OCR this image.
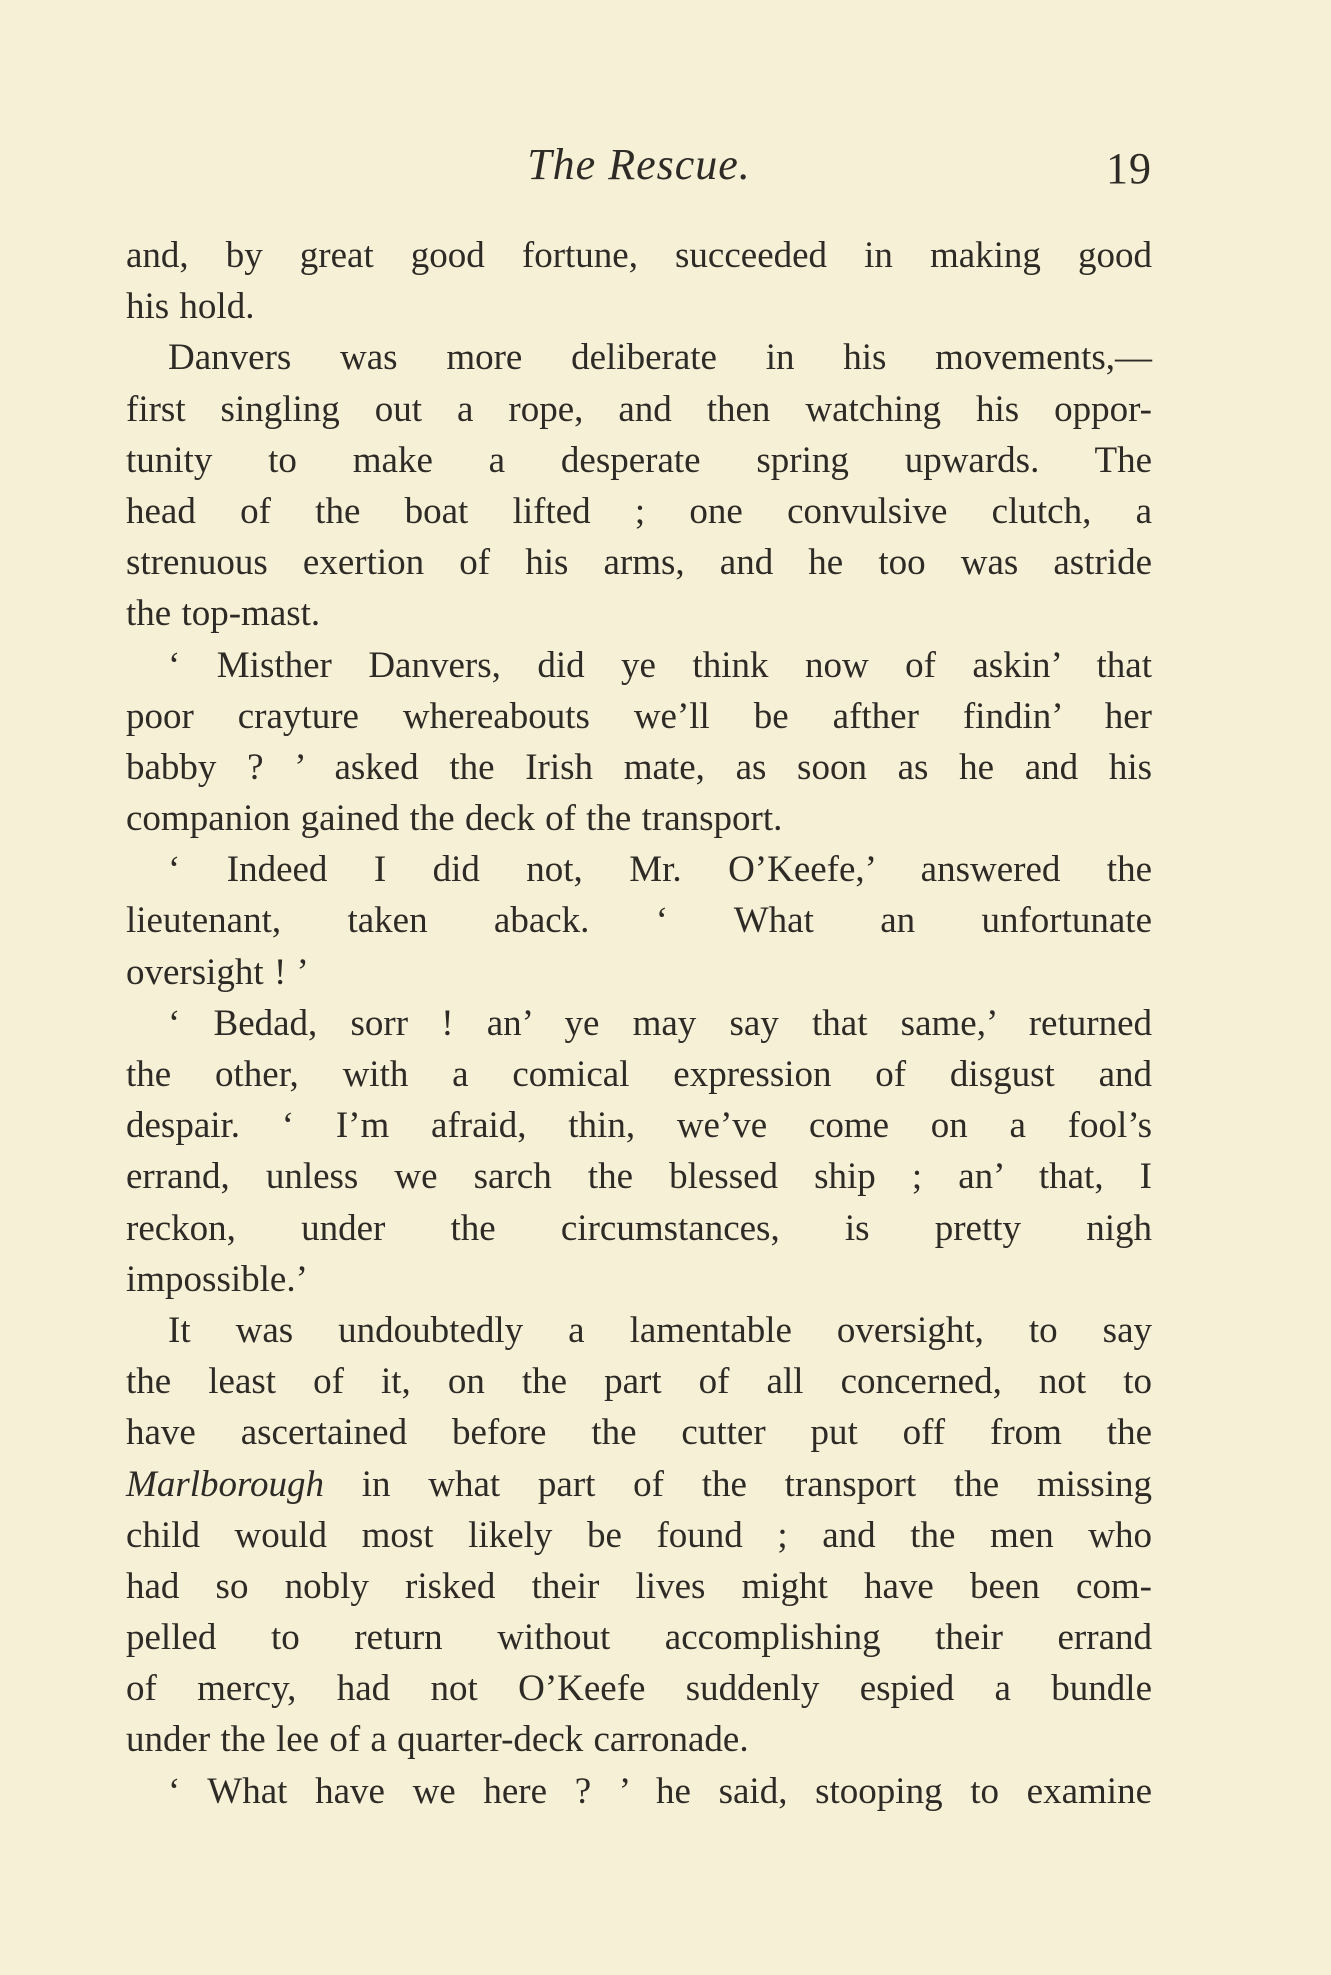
The Rescue.	19
and, by great good fortune, succeeded in making good
his hold.
Danvers was more deliberate in his movements,—
first singling out a rope, and then watching his oppor-
tunity to make a desperate spring upwards. The
head of the boat lifted ; one convulsive clutch, a
strenuous exertion of his arms, and he too was astride
the top-mast.
‘ Misther Danvers, did ye think now of askin’ that
poor crayture whereabouts we’ll be afther findin’ her
babby ? ’ asked the Irish mate, as soon as he and his
companion gained the deck of the transport.
‘ Indeed I did not, Mr. O’Keefe,’ answered the
lieutenant, taken aback. ‘ What an unfortunate
oversight ! ’
‘ Bedad, sorr ! an’ ye may say that same,’ returned
the other, with a comical expression of disgust and
despair. ‘ I’m afraid, thin, we’ve come on a fool’s
errand, unless we sarch the blessed ship ; an’ that, I
reckon, under the circumstances, is pretty nigh
impossible.’
It was undoubtedly a lamentable oversight, to say
the least of it, on the part of all concerned, not to
have ascertained before the cutter put off from the
Marlborough in what part of the transport the missing
child would most likely be found ; and the men who
had so nobly risked their lives might have been com-
pelled to return without accomplishing their errand
of mercy, had not O’Keefe suddenly espied a bundle
under the lee of a quarter-deck carronade.
‘ What have we here ? ’ he said, stooping to examine
